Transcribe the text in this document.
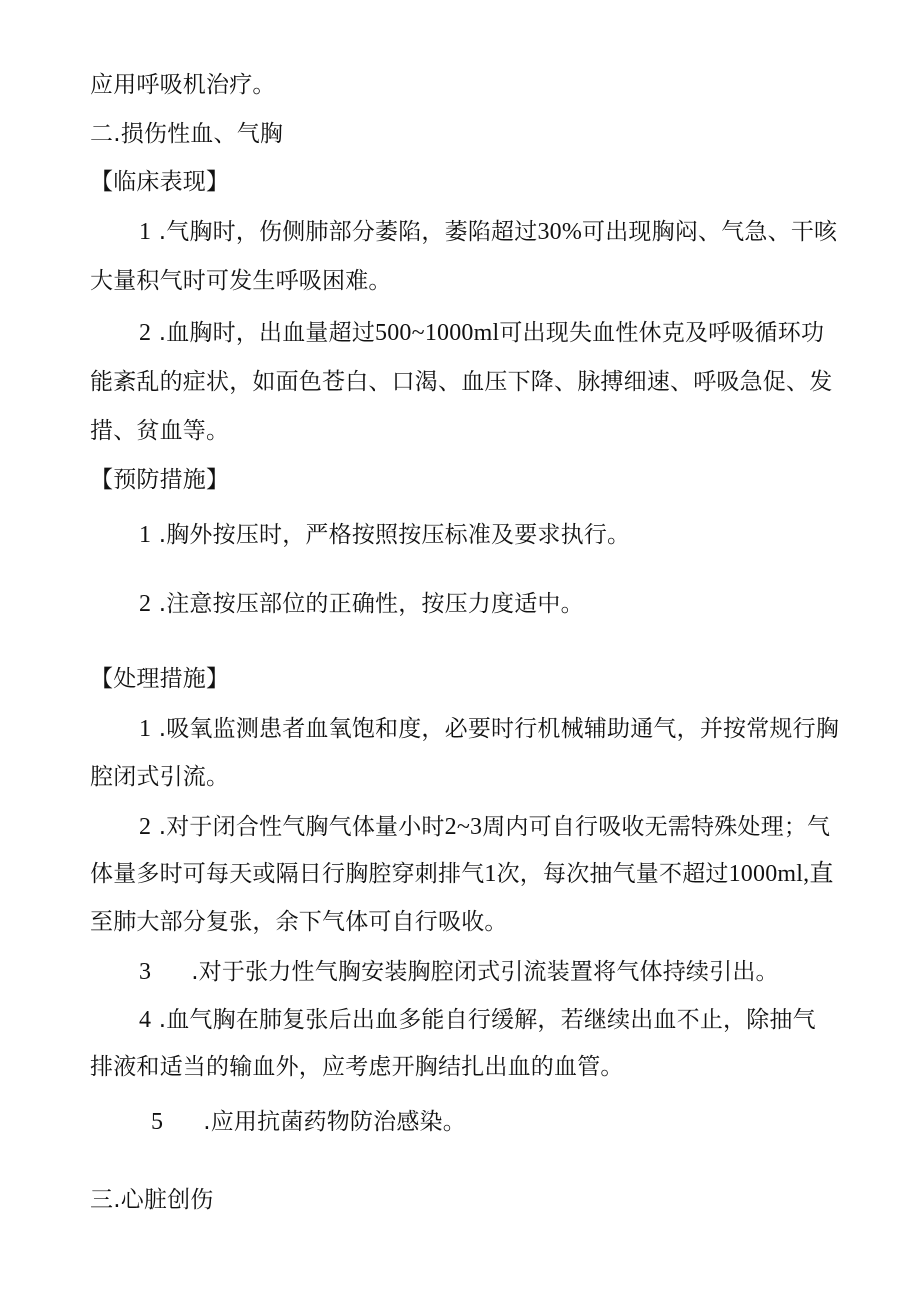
应用呼吸机治疗。
二.损伤性血、气胸
【临床表现】
1 .气胸时，伤侧肺部分萎陷，萎陷超过30%可出现胸闷、气急、干咳
大量积气时可发生呼吸困难。
2 .血胸时，出血量超过500~1000ml可出现失血性休克及呼吸循环功
能紊乱的症状，如面色苍白、口渴、血压下降、脉搏细速、呼吸急促、发
措、贫血等。
【预防措施】
1 .胸外按压时，严格按照按压标准及要求执行。
2 .注意按压部位的正确性，按压力度适中。
【处理措施】
1 .吸氧监测患者血氧饱和度，必要时行机械辅助通气，并按常规行胸
腔闭式引流。
2 .对于闭合性气胸气体量小时2~3周内可自行吸收无需特殊处理；气
体量多时可每天或隔日行胸腔穿刺排气1次，每次抽气量不超过1000ml,直
至肺大部分复张，余下气体可自行吸收。
3 .对于张力性气胸安装胸腔闭式引流装置将气体持续引出。
4 .血气胸在肺复张后出血多能自行缓解，若继续出血不止，除抽气
排液和适当的输血外，应考虑开胸结扎出血的血管。
5 .应用抗菌药物防治感染。
三.心脏创伤
